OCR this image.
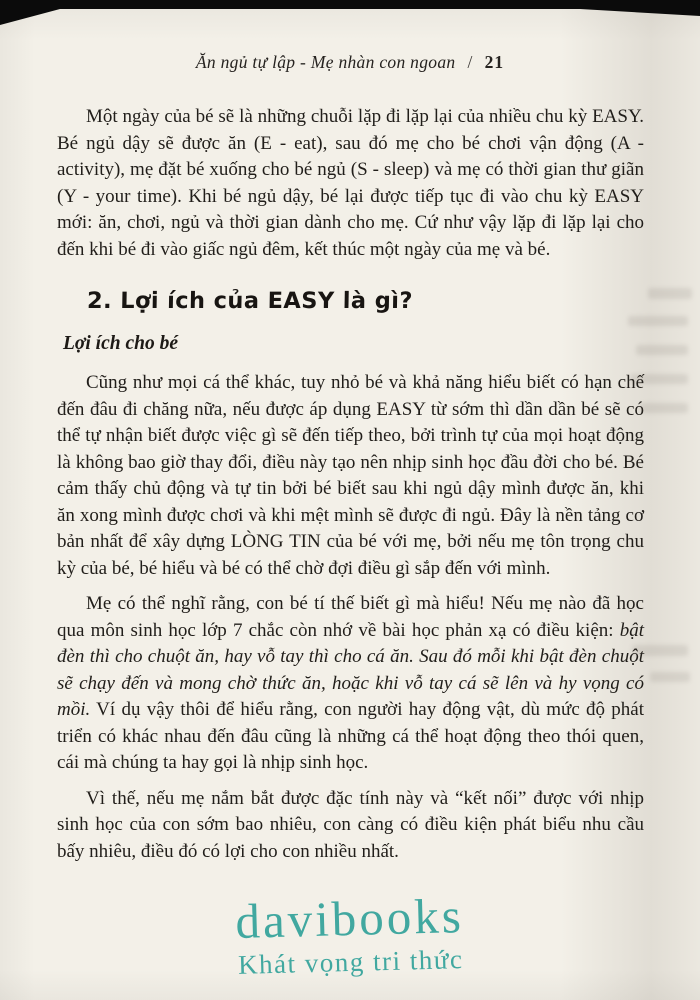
Ăn ngủ tự lập - Mẹ nhàn con ngoan / 21

Một ngày của bé sẽ là những chuỗi lặp đi lặp lại của nhiều chu kỳ EASY. Bé ngủ dậy sẽ được ăn (E - eat), sau đó mẹ cho bé chơi vận động (A - activity), mẹ đặt bé xuống cho bé ngủ (S - sleep) và mẹ có thời gian thư giãn (Y - your time). Khi bé ngủ dậy, bé lại được tiếp tục đi vào chu kỳ EASY mới: ăn, chơi, ngủ và thời gian dành cho mẹ. Cứ như vậy lặp đi lặp lại cho đến khi bé đi vào giấc ngủ đêm, kết thúc một ngày của mẹ và bé.

2. Lợi ích của EASY là gì?
Lợi ích cho bé

Cũng như mọi cá thể khác, tuy nhỏ bé và khả năng hiểu biết có hạn chế đến đâu đi chăng nữa, nếu được áp dụng EASY từ sớm thì dần dần bé sẽ có thể tự nhận biết được việc gì sẽ đến tiếp theo, bởi trình tự của mọi hoạt động là không bao giờ thay đổi, điều này tạo nên nhịp sinh học đầu đời cho bé. Bé cảm thấy chủ động và tự tin bởi bé biết sau khi ngủ dậy mình được ăn, khi ăn xong mình được chơi và khi mệt mình sẽ được đi ngủ. Đây là nền tảng cơ bản nhất để xây dựng LÒNG TIN của bé với mẹ, bởi nếu mẹ tôn trọng chu kỳ của bé, bé hiểu và bé có thể chờ đợi điều gì sắp đến với mình.

Mẹ có thể nghĩ rằng, con bé tí thế biết gì mà hiểu! Nếu mẹ nào đã học qua môn sinh học lớp 7 chắc còn nhớ về bài học phản xạ có điều kiện: bật đèn thì cho chuột ăn, hay vỗ tay thì cho cá ăn. Sau đó mỗi khi bật đèn chuột sẽ chạy đến và mong chờ thức ăn, hoặc khi vỗ tay cá sẽ lên và hy vọng có mồi. Ví dụ vậy thôi để hiểu rằng, con người hay động vật, dù mức độ phát triển có khác nhau đến đâu cũng là những cá thể hoạt động theo thói quen, cái mà chúng ta hay gọi là nhịp sinh học.

Vì thế, nếu mẹ nắm bắt được đặc tính này và “kết nối” được với nhịp sinh học của con sớm bao nhiêu, con càng có điều kiện phát biểu nhu cầu bấy nhiêu, điều đó có lợi cho con nhiều nhất.

davibooks
Khát vọng tri thức
